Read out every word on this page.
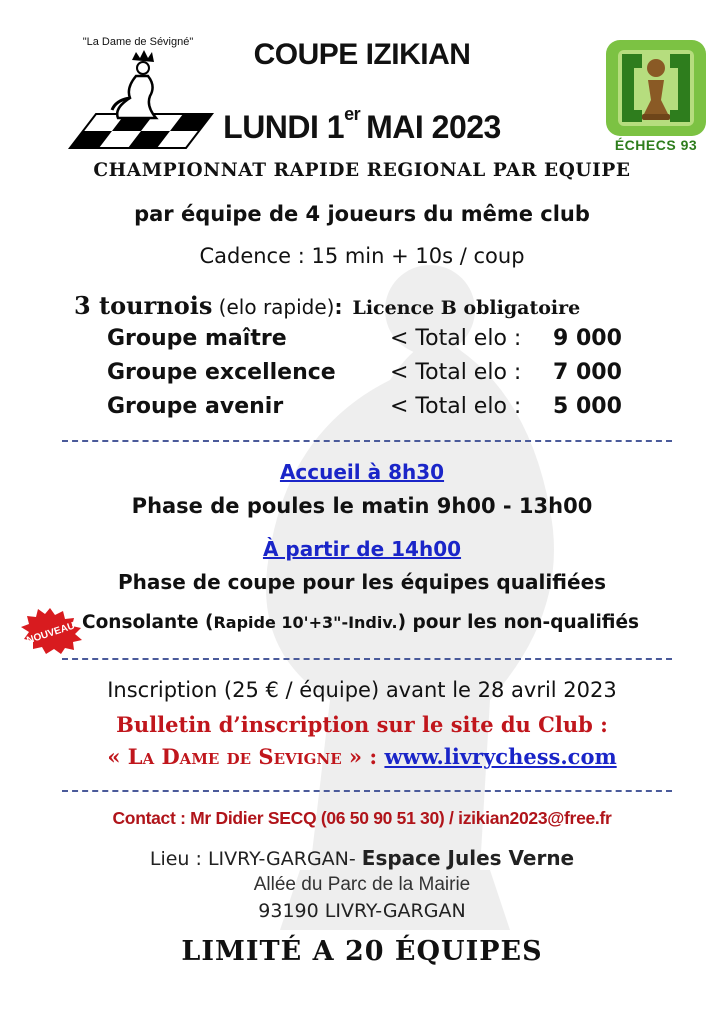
"La Dame de Sévigné"
ÉCHECS 93
COUPE IZIKIAN
LUNDI 1er MAI 2023
CHAMPIONNAT RAPIDE REGIONAL PAR EQUIPE
par équipe de 4 joueurs du même club
Cadence : 15 min + 10s / coup
3 tournois (elo rapide): Licence B obligatoire
Groupe maître	< Total elo : 9 000
Groupe excellence < Total elo : 7 000
Groupe avenir	< Total elo : 5 000
Accueil à 8h30
Phase de poules le matin 9h00 - 13h00
À partir de 14h00
Phase de coupe pour les équipes qualifiées
NOUVEAU Consolante (Rapide 10'+3"-Indiv.) pour les non-qualifiés
Inscription (25 € / équipe) avant le 28 avril 2023
Bulletin d’inscription sur le site du Club :
« La Dame de Sevigne » : www.livrychess.com
Contact : Mr Didier SECQ (06 50 90 51 30) / izikian2023@free.fr
Lieu : LIVRY-GARGAN- Espace Jules Verne
Allée du Parc de la Mairie
93190 LIVRY-GARGAN
LIMITÉ A 20 ÉQUIPES
